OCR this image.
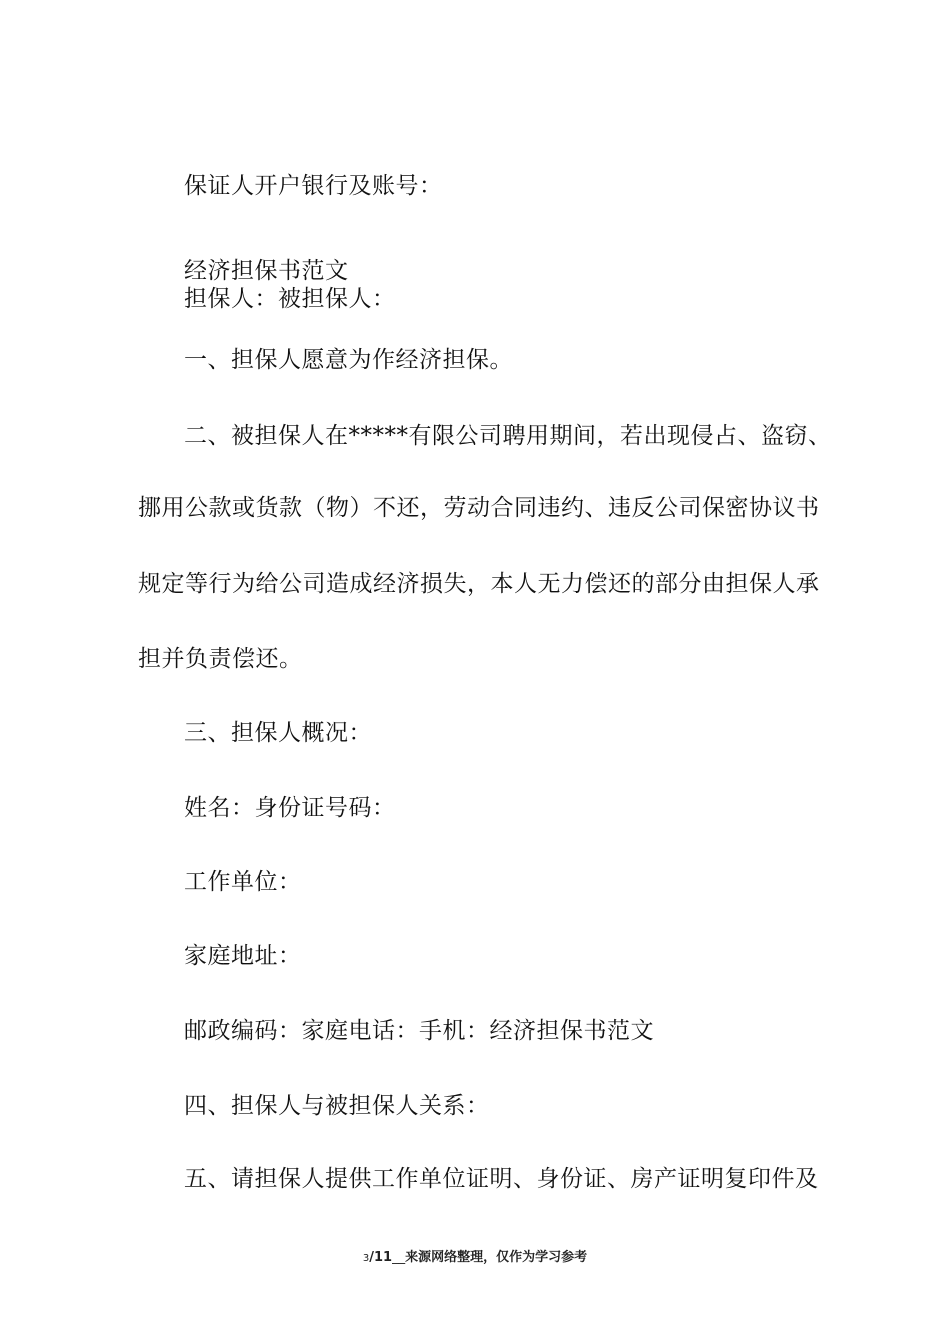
保证人开户银行及账号：

经济担保书范文

担保人：被担保人：

一、担保人愿意为作经济担保。

二、被担保人在*****有限公司聘用期间，若出现侵占、盗窃、

挪用公款或货款（物）不还，劳动合同违约、违反公司保密协议书

规定等行为给公司造成经济损失，本人无力偿还的部分由担保人承

担并负责偿还。

三、担保人概况：

姓名：身份证号码：

工作单位：

家庭地址：

邮政编码：家庭电话：手机：经济担保书范文

四、担保人与被担保人关系：

五、请担保人提供工作单位证明、身份证、房产证明复印件及

3/11__来源网络整理，仅作为学习参考
